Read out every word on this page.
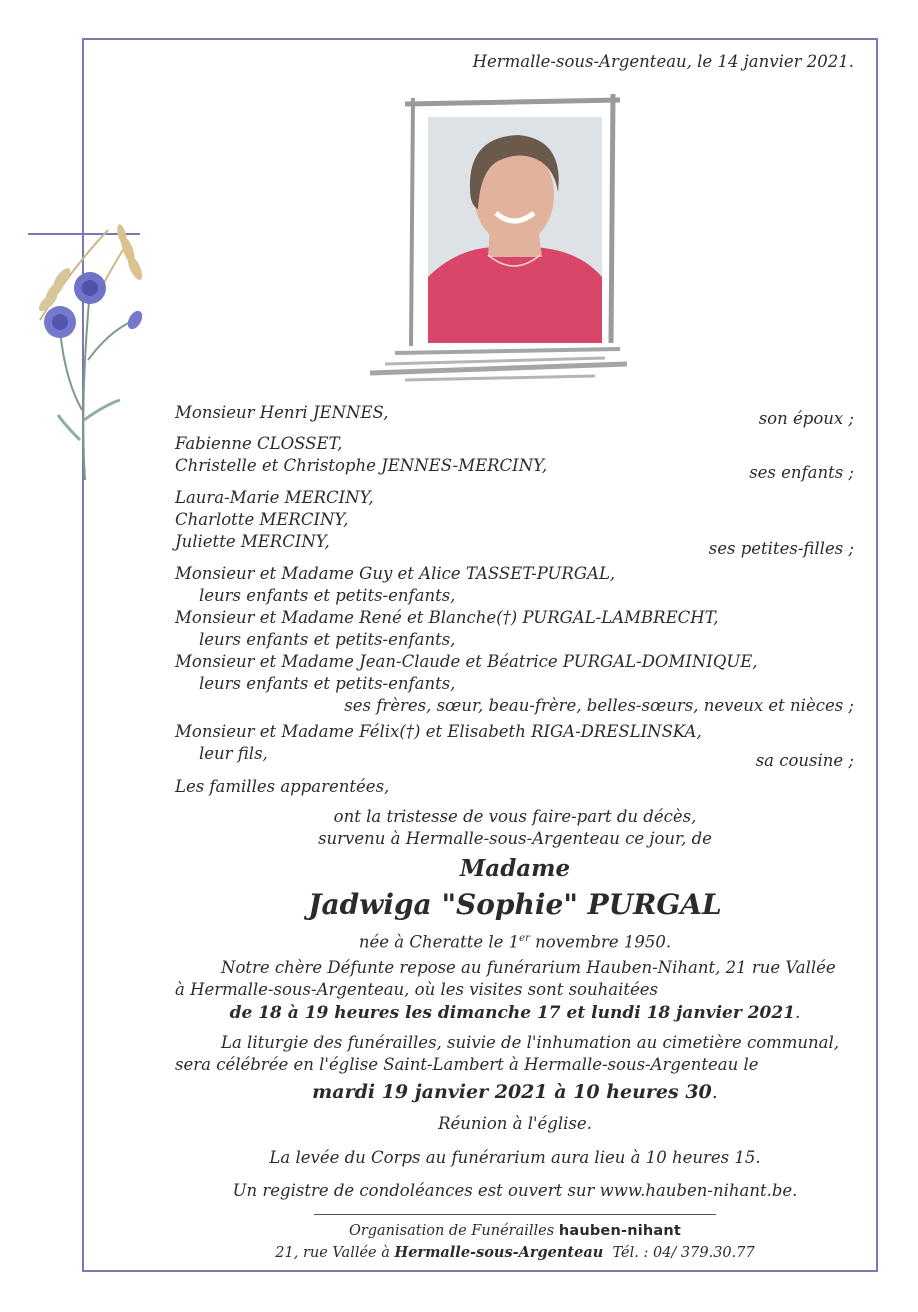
Hermalle-sous-Argenteau, le 14 janvier 2021.
Monsieur Henri JENNES,	son époux ;
Fabienne CLOSSET,
Christelle et Christophe JENNES-MERCINY,	ses enfants ;
Laura-Marie MERCINY,
Charlotte MERCINY,
Juliette MERCINY,	ses petites-filles ;
Monsieur et Madame Guy et Alice TASSET-PURGAL,
leurs enfants et petits-enfants,
Monsieur et Madame René et Blanche(†) PURGAL-LAMBRECHT,
leurs enfants et petits-enfants,
Monsieur et Madame Jean-Claude et Béatrice PURGAL-DOMINIQUE,
leurs enfants et petits-enfants,
ses frères, sœur, beau-frère, belles-sœurs, neveux et nièces ;
Monsieur et Madame Félix(†) et Elisabeth RIGA-DRESLINSKA,
leur fils,	sa cousine ;
Les familles apparentées,
ont la tristesse de vous faire-part du décès,
survenu à Hermalle-sous-Argenteau ce jour, de
Madame
Jadwiga "Sophie" PURGAL
née à Cheratte le 1er novembre 1950.
Notre chère Défunte repose au funérarium Hauben-Nihant, 21 rue Vallée
à Hermalle-sous-Argenteau, où les visites sont souhaitées
de 18 à 19 heures les dimanche 17 et lundi 18 janvier 2021.
La liturgie des funérailles, suivie de l'inhumation au cimetière communal,
sera célébrée en l'église Saint-Lambert à Hermalle-sous-Argenteau le
mardi 19 janvier 2021 à 10 heures 30.
Réunion à l'église.
La levée du Corps au funérarium aura lieu à 10 heures 15.
Un registre de condoléances est ouvert sur www.hauben-nihant.be.
Organisation de Funérailles hauben-nihant
21, rue Vallée à Hermalle-sous-Argenteau Tél. : 04/ 379.30.77
